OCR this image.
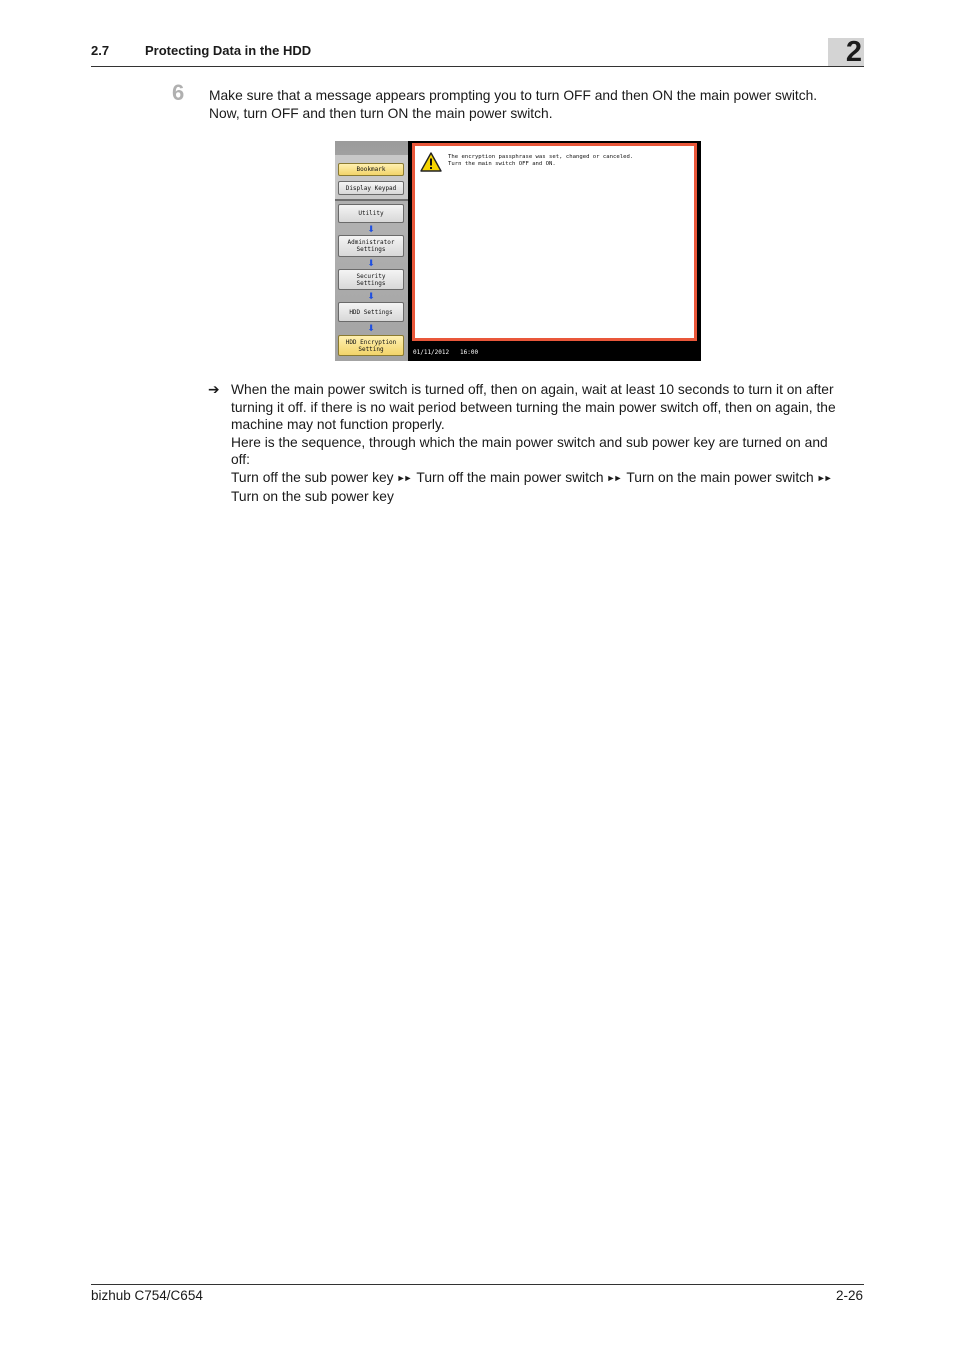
2.7	Protecting Data in the HDD	2
6 Make sure that a message appears prompting you to turn OFF and then ON the main power switch.
Now, turn OFF and then turn ON the main power switch.
Bookmark
Display Keypad
Utility
⬇
Administrator
Settings
⬇
Security
Settings
⬇
HDD Settings
⬇
HDD Encryption
Setting
The encryption passphrase was set, changed or canceled.
Turn the main switch OFF and ON.
01/11/2012 16:00
➔ When the main power switch is turned off, then on again, wait at least 10 seconds to turn it on after
turning it off. if there is no wait period between turning the main power switch off, then on again, the
machine may not function properly.
Here is the sequence, through which the main power switch and sub power key are turned on and
off:
Turn off the sub power key ►► Turn off the main power switch ►► Turn on the main power switch ►►
Turn on the sub power key
bizhub C754/C654	2-26
